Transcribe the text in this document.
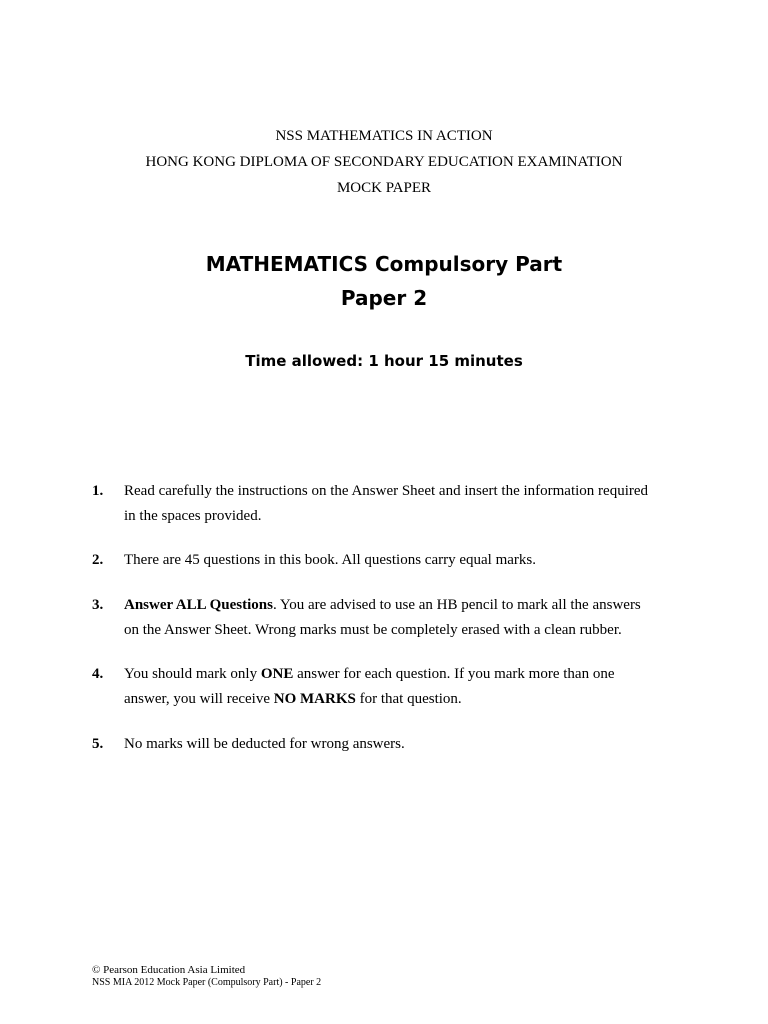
NSS MATHEMATICS IN ACTION
HONG KONG DIPLOMA OF SECONDARY EDUCATION EXAMINATION
MOCK PAPER
MATHEMATICS Compulsory Part
Paper 2
Time allowed: 1 hour 15 minutes
1.	Read carefully the instructions on the Answer Sheet and insert the information required
in the spaces provided.
2.	There are 45 questions in this book. All questions carry equal marks.
3.	Answer ALL Questions. You are advised to use an HB pencil to mark all the answers
on the Answer Sheet. Wrong marks must be completely erased with a clean rubber.
4.	You should mark only ONE answer for each question. If you mark more than one
answer, you will receive NO MARKS for that question.
5.	No marks will be deducted for wrong answers.
© Pearson Education Asia Limited
NSS MIA 2012 Mock Paper (Compulsory Part) - Paper 2
